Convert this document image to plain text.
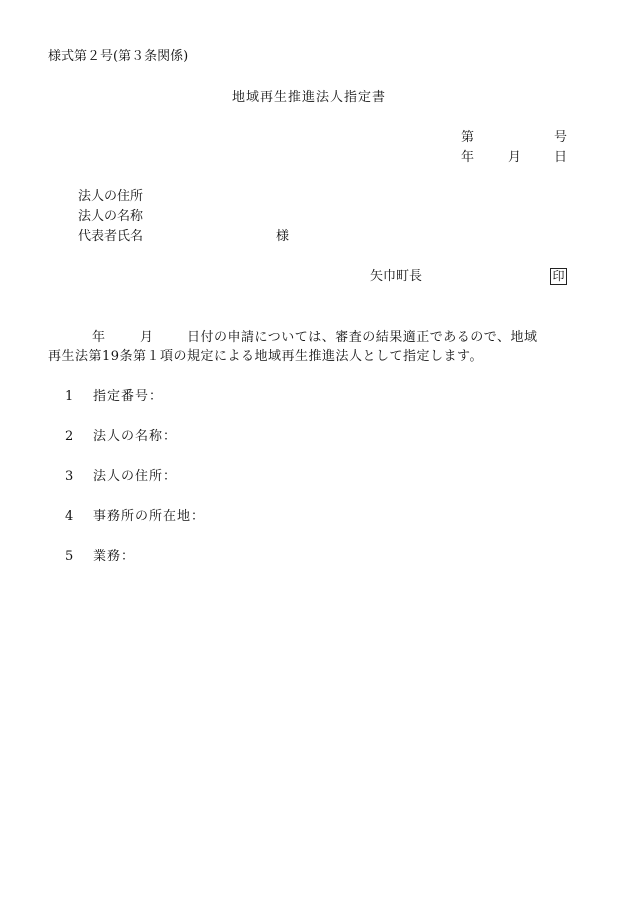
様式第２号(第３条関係)
地域再生推進法人指定書
第	号
年	月	日
法人の住所
法人の名称
代表者氏名	様
矢巾町長	印
年	月	日付の申請については、審査の結果適正であるので、地域
再生法第19条第１項の規定による地域再生推進法人として指定します。
1 指定番号：
2 法人の名称：
3 法人の住所：
4 事務所の所在地：
5 業務：
